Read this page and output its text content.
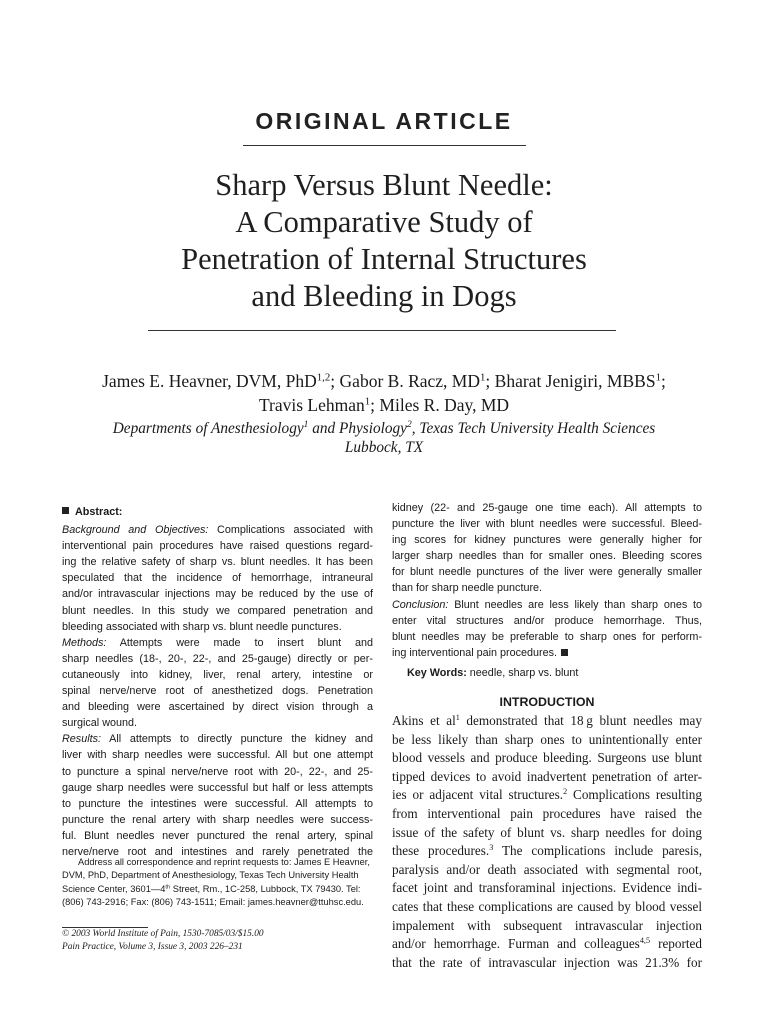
ORIGINAL ARTICLE
Sharp Versus Blunt Needle:
A Comparative Study of
Penetration of Internal Structures
and Bleeding in Dogs
James E. Heavner, DVM, PhD$^{1,2}$; Gabor B. Racz, $MD^1$; Bharat Jenigiri, MBBS$^1$;
Travis Lehman$^1$; Miles R. Day, MD
Departments of Anesthesiology$^1$ and Physiology$^2$, Texas Tech University Health Sciences
Lubbock, TX
Abstract:
Background and Objectives: Complications associated with
interventional pain procedures have raised questions regard-
ing the relative safety of sharp vs. blunt needles. It has been
speculated that the incidence of hemorrhage, intraneural
and/or intravascular injections may be reduced by the use of
blunt needles. In this study we compared penetration and
bleeding associated with sharp vs. blunt needle punctures.
Methods: Attempts were made to insert blunt and
sharp needles (18-, 20-, 22-, and 25-gauge) directly or per-
cutaneously into kidney, liver, renal artery, intestine or
spinal nerve/nerve root of anesthetized dogs. Penetration
and bleeding were ascertained by direct vision through a
surgical wound.
Results: All attempts to directly puncture the kidney and
liver with sharp needles were successful. All but one attempt
to puncture a spinal nerve/nerve root with 20-, 22-, and 25-
gauge sharp needles were successful but half or less attempts
to puncture the intestines were successful. All attempts to
puncture the renal artery with sharp needles were success-
ful. Blunt needles never punctured the renal artery, spinal
nerve/nerve root and intestines and rarely penetrated the
Address all correspondence and reprint requests to: James E Heavner,
DVM, PhD, Department of Anesthesiology, Texas Tech University Health
Science Center, 3601—4th Street, Rm., 1C-258, Lubbock, TX 79430. Tel:
(806) 743-2916; Fax: (806) 743-1511; Email: james.heavner@ttuhsc.edu.
© 2003 World Institute of Pain, 1530-7085/03/$15.00
Pain Practice, Volume 3, Issue 3, 2003 226–231
kidney (22- and 25-gauge one time each). All attempts to
puncture the liver with blunt needles were successful. Bleed-
ing scores for kidney punctures were generally higher for
larger sharp needles than for smaller ones. Bleeding scores
for blunt needle punctures of the liver were generally smaller
than for sharp needle puncture.
Conclusion: Blunt needles are less likely than sharp ones to
enter vital structures and/or produce hemorrhage. Thus,
blunt needles may be preferable to sharp ones for perform-
ing interventional pain procedures.
Key Words: needle, sharp vs. blunt
INTRODUCTION
Akins et $al^1$ demonstrated that 18 g blunt needles may
be less likely than sharp ones to unintentionally enter
blood vessels and produce bleeding. Surgeons use blunt
tipped devices to avoid inadvertent penetration of arter-
ies or adjacent vital structures.$^2$ Complications resulting
from interventional pain procedures have raised the
issue of the safety of blunt vs. sharp needles for doing
these procedures.$^3$ The complications include paresis,
paralysis and/or death associated with segmental root,
facet joint and transforaminal injections. Evidence indi-
cates that these complications are caused by blood vessel
impalement with subsequent intravascular injection
and/or hemorrhage. Furman and colleagues$^{4,5}$ reported
that the rate of intravascular injection was 21.3% for
